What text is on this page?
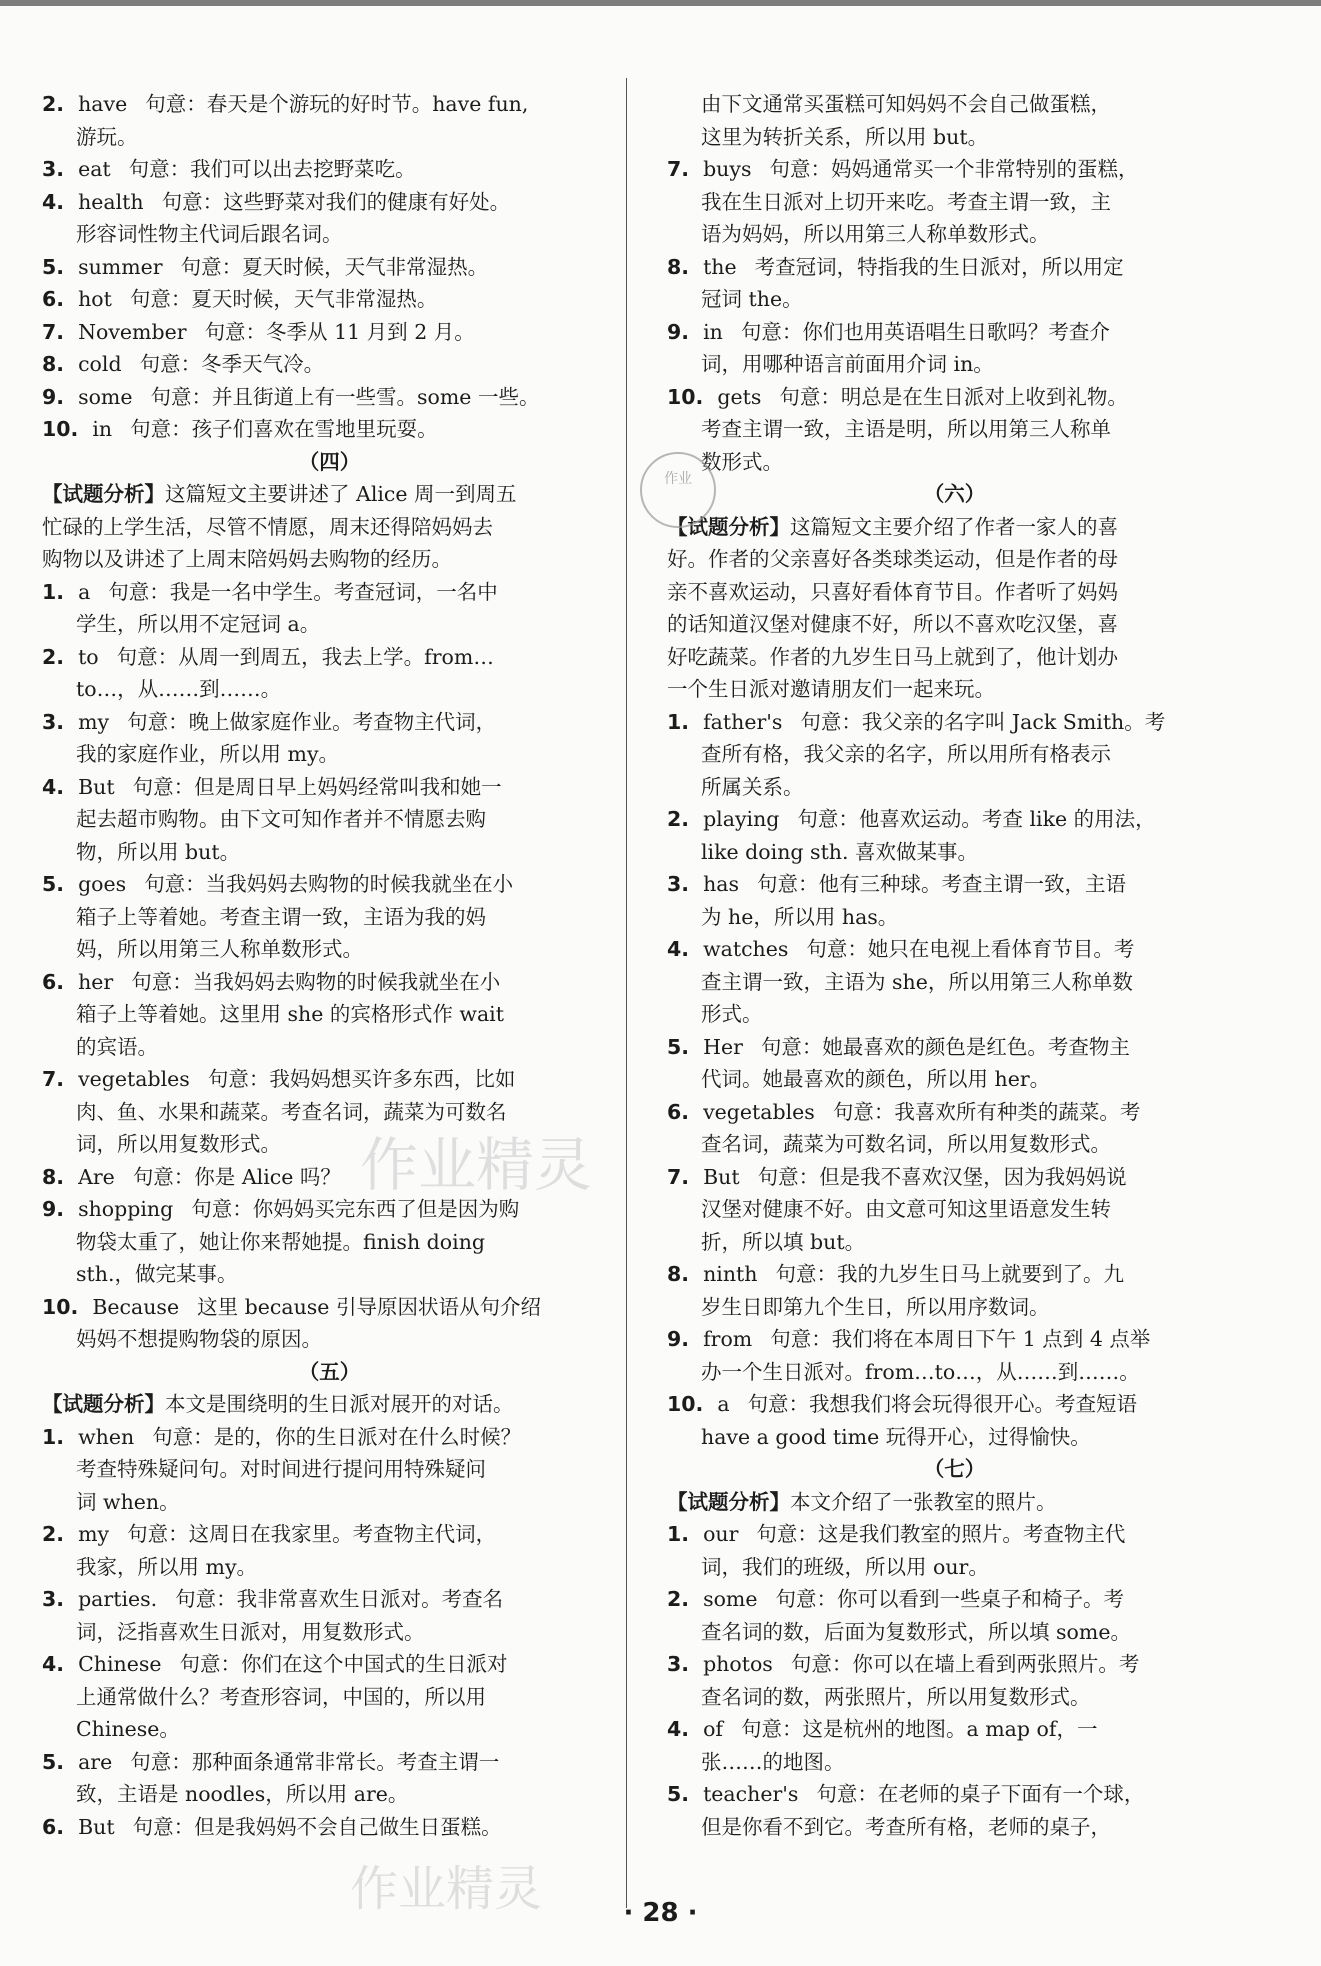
2. have 句意：春天是个游玩的好时节。have fun,
游玩。
3. eat 句意：我们可以出去挖野菜吃。
4. health 句意：这些野菜对我们的健康有好处。
形容词性物主代词后跟名词。
5. summer 句意：夏天时候，天气非常湿热。
6. hot 句意：夏天时候，天气非常湿热。
7. November 句意：冬季从 11 月到 2 月。
8. cold 句意：冬季天气冷。
9. some 句意：并且街道上有一些雪。some 一些。
10. in 句意：孩子们喜欢在雪地里玩耍。
（四）
【试题分析】这篇短文主要讲述了 Alice 周一到周五
忙碌的上学生活，尽管不情愿，周末还得陪妈妈去
购物以及讲述了上周末陪妈妈去购物的经历。
1. a 句意：我是一名中学生。考查冠词，一名中
学生，所以用不定冠词 a。
2. to 句意：从周一到周五，我去上学。from…
to…，从……到……。
3. my 句意：晚上做家庭作业。考查物主代词，
我的家庭作业，所以用 my。
4. But 句意：但是周日早上妈妈经常叫我和她一
起去超市购物。由下文可知作者并不情愿去购
物，所以用 but。
5. goes 句意：当我妈妈去购物的时候我就坐在小
箱子上等着她。考查主谓一致，主语为我的妈
妈，所以用第三人称单数形式。
6. her 句意：当我妈妈去购物的时候我就坐在小
箱子上等着她。这里用 she 的宾格形式作 wait
的宾语。
7. vegetables 句意：我妈妈想买许多东西，比如
肉、鱼、水果和蔬菜。考查名词，蔬菜为可数名
词，所以用复数形式。
8. Are 句意：你是 Alice 吗？
9. shopping 句意：你妈妈买完东西了但是因为购
物袋太重了，她让你来帮她提。finish doing
sth.，做完某事。
10. Because 这里 because 引导原因状语从句介绍
妈妈不想提购物袋的原因。
（五）
【试题分析】本文是围绕明的生日派对展开的对话。
1. when 句意：是的，你的生日派对在什么时候？
考查特殊疑问句。对时间进行提问用特殊疑问
词 when。
2. my 句意：这周日在我家里。考查物主代词，
我家，所以用 my。
3. parties. 句意：我非常喜欢生日派对。考查名
词，泛指喜欢生日派对，用复数形式。
4. Chinese 句意：你们在这个中国式的生日派对
上通常做什么？考查形容词，中国的，所以用
Chinese。
5. are 句意：那种面条通常非常长。考查主谓一
致，主语是 noodles，所以用 are。
6. But 句意：但是我妈妈不会自己做生日蛋糕。
由下文通常买蛋糕可知妈妈不会自己做蛋糕，
这里为转折关系，所以用 but。
7. buys 句意：妈妈通常买一个非常特别的蛋糕，
我在生日派对上切开来吃。考查主谓一致，主
语为妈妈，所以用第三人称单数形式。
8. the 考查冠词，特指我的生日派对，所以用定
冠词 the。
9. in 句意：你们也用英语唱生日歌吗？考查介
词，用哪种语言前面用介词 in。
10. gets 句意：明总是在生日派对上收到礼物。
考查主谓一致，主语是明，所以用第三人称单
数形式。
（六）
【试题分析】这篇短文主要介绍了作者一家人的喜
好。作者的父亲喜好各类球类运动，但是作者的母
亲不喜欢运动，只喜好看体育节目。作者听了妈妈
的话知道汉堡对健康不好，所以不喜欢吃汉堡，喜
好吃蔬菜。作者的九岁生日马上就到了，他计划办
一个生日派对邀请朋友们一起来玩。
1. father's 句意：我父亲的名字叫 Jack Smith。考
查所有格，我父亲的名字，所以用所有格表示
所属关系。
2. playing 句意：他喜欢运动。考查 like 的用法，
like doing sth. 喜欢做某事。
3. has 句意：他有三种球。考查主谓一致，主语
为 he，所以用 has。
4. watches 句意：她只在电视上看体育节目。考
查主谓一致，主语为 she，所以用第三人称单数
形式。
5. Her 句意：她最喜欢的颜色是红色。考查物主
代词。她最喜欢的颜色，所以用 her。
6. vegetables 句意：我喜欢所有种类的蔬菜。考
查名词，蔬菜为可数名词，所以用复数形式。
7. But 句意：但是我不喜欢汉堡，因为我妈妈说
汉堡对健康不好。由文意可知这里语意发生转
折，所以填 but。
8. ninth 句意：我的九岁生日马上就要到了。九
岁生日即第九个生日，所以用序数词。
9. from 句意：我们将在本周日下午 1 点到 4 点举
办一个生日派对。from…to…，从……到……。
10. a 句意：我想我们将会玩得很开心。考查短语
have a good time 玩得开心，过得愉快。
（七）
【试题分析】本文介绍了一张教室的照片。
1. our 句意：这是我们教室的照片。考查物主代
词，我们的班级，所以用 our。
2. some 句意：你可以看到一些桌子和椅子。考
查名词的数，后面为复数形式，所以填 some。
3. photos 句意：你可以在墙上看到两张照片。考
查名词的数，两张照片，所以用复数形式。
4. of 句意：这是杭州的地图。a map of，一
张……的地图。
5. teacher's 句意：在老师的桌子下面有一个球，
但是你看不到它。考查所有格，老师的桌子，
作业
作业精灵
作业精灵	· 28 ·
